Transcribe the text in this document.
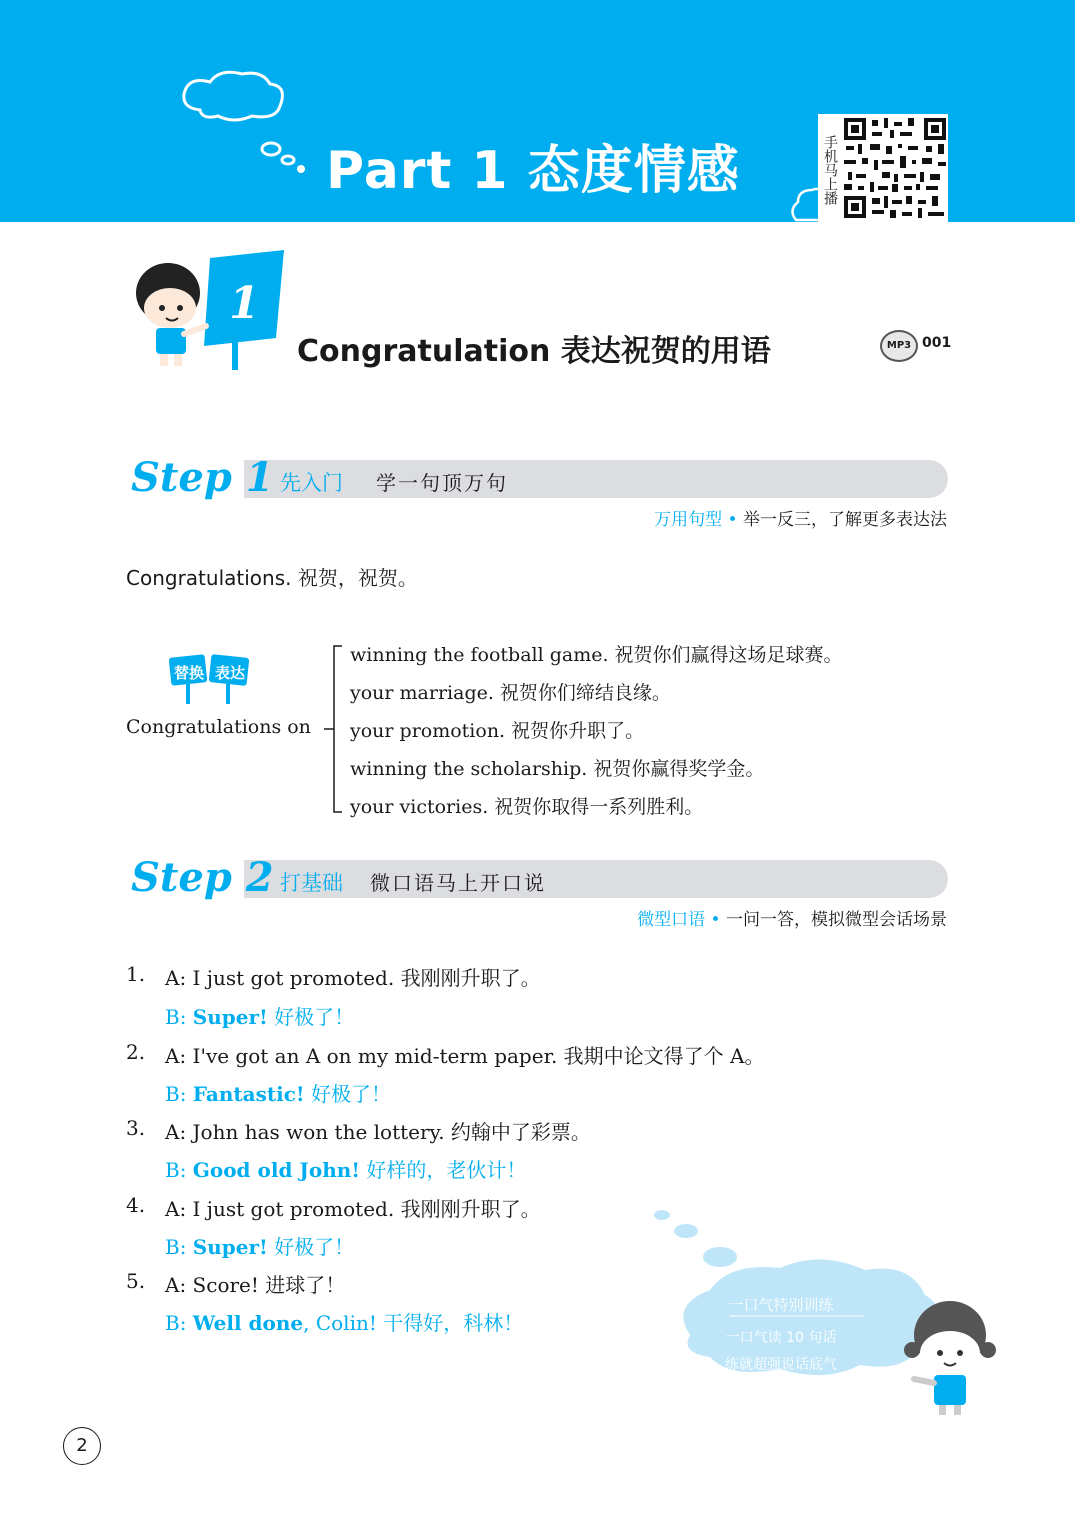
Part 1 态度情感	手机马上播
1
Congratulation 表达祝贺的用语	MP3 001
Step 1 先入门 学一句顶万句
万用句型 • 举一反三，了解更多表达法
Congratulations. 祝贺，祝贺。
替换 表达
Congratulations on
winning the football game. 祝贺你们赢得这场足球赛。
your marriage. 祝贺你们缔结良缘。
your promotion. 祝贺你升职了。
winning the scholarship. 祝贺你赢得奖学金。
your victories. 祝贺你取得一系列胜利。
Step 2 打基础 微口语马上开口说
微型口语 • 一问一答，模拟微型会话场景
1. A: I just got promoted. 我刚刚升职了。
B: Super! 好极了！
2. A: I've got an A on my mid-term paper. 我期中论文得了个 A。
B: Fantastic! 好极了！
3. A: John has won the lottery. 约翰中了彩票。
B: Good old John! 好样的，老伙计！
4. A: I just got promoted. 我刚刚升职了。
B: Super! 好极了！
5. A: Score! 进球了！
B: Well done, Colin! 干得好，科林！
一口气特别训练
一口气读 10 句话
练就超强说话底气
2
